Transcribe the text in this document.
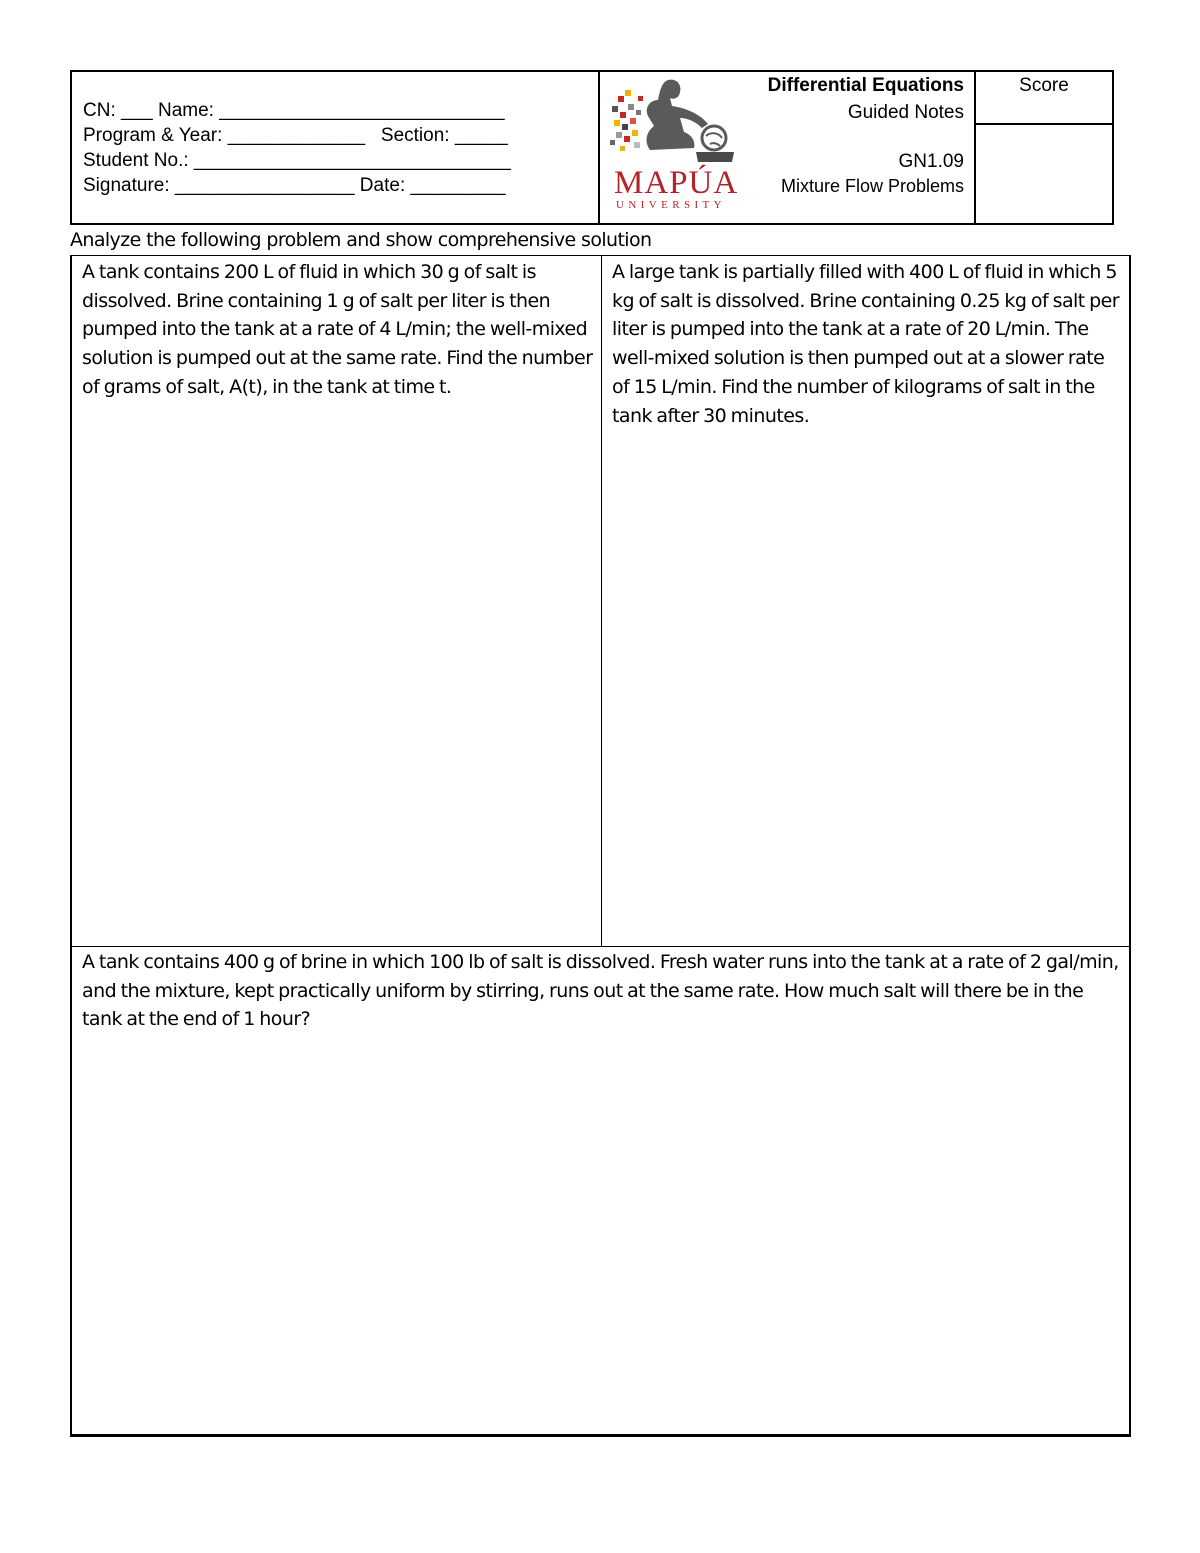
CN: ___ Name: ___________________________
Program & Year: _____________   Section: _____
Student No.: ______________________________
Signature: _________________ Date: _________	MAPÚA
UNIVERSITY
Differential Equations
Guided Notes
GN1.09
Mixture Flow Problems
Score
Analyze the following problem and show comprehensive solution
A tank contains 200 L of fluid in which 30 g of salt is dissolved. Brine containing 1 g of salt per liter is then pumped into the tank at a rate of 4 L/min; the well-mixed solution is pumped out at the same rate. Find the number of grams of salt, A(t), in the tank at time t.
A large tank is partially filled with 400 L of fluid in which 5 kg of salt is dissolved. Brine containing 0.25 kg of salt per liter is pumped into the tank at a rate of 20 L/min. The well-mixed solution is then pumped out at a slower rate of 15 L/min. Find the number of kilograms of salt in the tank after 30 minutes.
A tank contains 400 g of brine in which 100 lb of salt is dissolved. Fresh water runs into the tank at a rate of 2 gal/min, and the mixture, kept practically uniform by stirring, runs out at the same rate. How much salt will there be in the tank at the end of 1 hour?
